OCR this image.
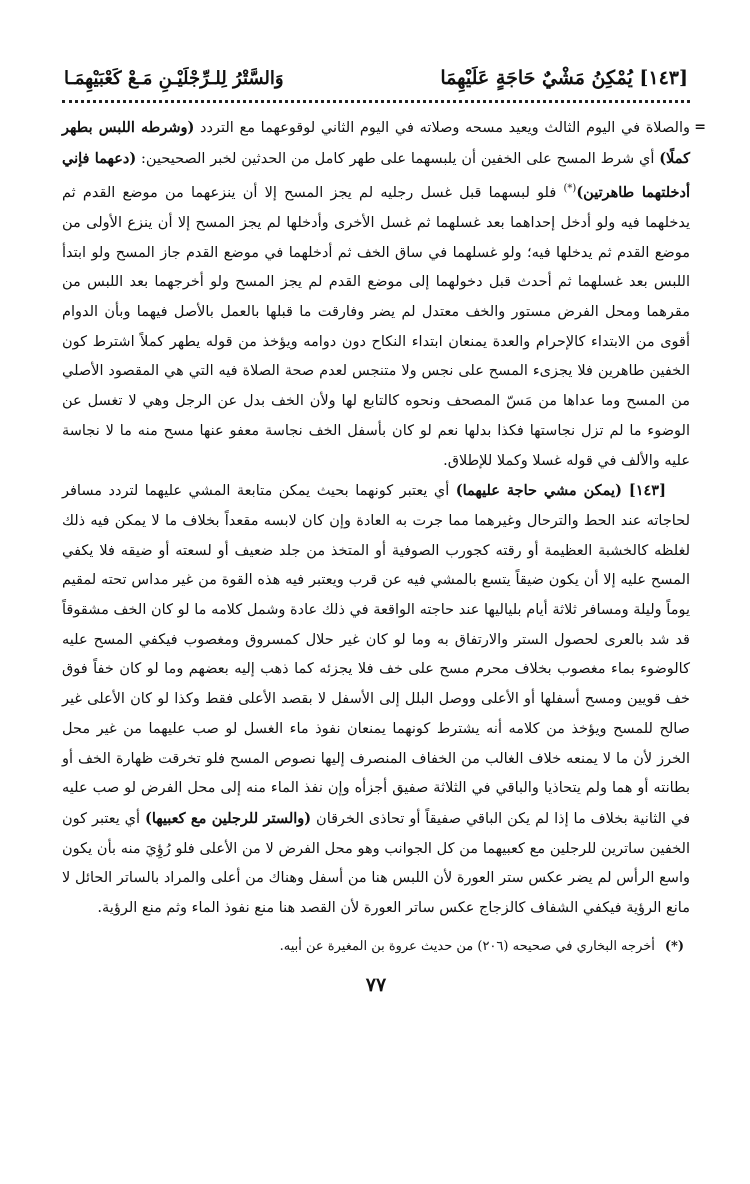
[١٤٣] يُمْكِنُ مَشْيٌ حَاجَةٍ عَلَيْهِمَا
وَالسَّتْرُ لِلـرِّجْلَيْـنِ مَـعْ كَعْبَيْهِمَـا

=
والصلاة في اليوم الثالث ويعيد مسحه وصلاته في اليوم الثاني لوقوعهما مع التردد (وشرطه اللبس بطهر كملًا) أي شرط المسح على الخفين أن يلبسهما على طهر كامل من الحدثين لخبر الصحيحين: (دعهما فإني أدخلتهما طاهرتين)(*) فلو لبسهما قبل غسل رجليه لم يجز المسح إلا أن ينزعهما من موضع القدم ثم يدخلهما فيه ولو أدخل إحداهما بعد غسلهما ثم غسل الأخرى وأدخلها لم يجز المسح إلا أن ينزع الأولى من موضع القدم ثم يدخلها فيه؛ ولو غسلهما في ساق الخف ثم أدخلهما في موضع القدم جاز المسح ولو ابتدأ اللبس بعد غسلهما ثم أحدث قبل دخولهما إلى موضع القدم لم يجز المسح ولو أخرجهما بعد اللبس من مقرهما ومحل الفرض مستور والخف معتدل لم يضر وفارقت ما قبلها بالعمل بالأصل فيهما وبأن الدوام أقوى من الابتداء كالإحرام والعدة يمنعان ابتداء النكاح دون دوامه ويؤخذ من قوله يطهر كملاً اشترط كون الخفين طاهرين فلا يجزىء المسح على نجس ولا متنجس لعدم صحة الصلاة فيه التي هي المقصود الأصلي من المسح وما عداها من مَسّ المصحف ونحوه كالتابع لها ولأن الخف بدل عن الرجل وهي لا تغسل عن الوضوء ما لم تزل نجاستها فكذا بدلها نعم لو كان بأسفل الخف نجاسة معفو عنها مسح منه ما لا نجاسة عليه والألف في قوله غسلا وكملا للإطلاق.

[١٤٣] (يمكن مشي حاجة عليهما) أي يعتبر كونهما بحيث يمكن متابعة المشي عليهما لتردد مسافر لحاجاته عند الحط والترحال وغيرهما مما جرت به العادة وإن كان لابسه مقعداً بخلاف ما لا يمكن فيه ذلك لغلظه كالخشبة العظيمة أو رقته كجورب الصوفية أو المتخذ من جلد ضعيف أو لسعته أو ضيقه فلا يكفي المسح عليه إلا أن يكون ضيقاً يتسع بالمشي فيه عن قرب ويعتبر فيه هذه القوة من غير مداس تحته لمقيم يوماً وليلة ومسافر ثلاثة أيام بلياليها عند حاجته الواقعة في ذلك عادة وشمل كلامه ما لو كان الخف مشقوقاً قد شد بالعرى لحصول الستر والارتفاق به وما لو كان غير حلال كمسروق ومغصوب فيكفي المسح عليه كالوضوء بماء مغصوب بخلاف محرم مسح على خف فلا يجزئه كما ذهب إليه بعضهم وما لو كان خفاً فوق خف قويين ومسح أسفلها أو الأعلى ووصل البلل إلى الأسفل لا بقصد الأعلى فقط وكذا لو كان الأعلى غير صالح للمسح ويؤخذ من كلامه أنه يشترط كونهما يمنعان نفوذ ماء الغسل لو صب عليهما من غير محل الخرز لأن ما لا يمنعه خلاف الغالب من الخفاف المنصرف إليها نصوص المسح فلو تخرقت ظهارة الخف أو بطانته أو هما ولم يتحاذيا والباقي في الثلاثة صفيق أجزأه وإن نفذ الماء منه إلى محل الفرض لو صب عليه في الثانية بخلاف ما إذا لم يكن الباقي صفيقاً أو تحاذى الخرقان (والستر للرجلين مع كعبيها) أي يعتبر كون الخفين ساترين للرجلين مع كعبيهما من كل الجوانب وهو محل الفرض لا من الأعلى فلو رُؤِيَ منه بأن يكون واسع الرأس لم يضر عكس ستر العورة لأن اللبس هنا من أسفل وهناك من أعلى والمراد بالساتر الحائل لا مانع الرؤية فيكفي الشفاف كالزجاج عكس ساتر العورة لأن القصد هنا منع نفوذ الماء وثم منع الرؤية.

(*)أخرجه البخاري في صحيحه (٢٠٦) من حديث عروة بن المغيرة عن أبيه.
٧٧
